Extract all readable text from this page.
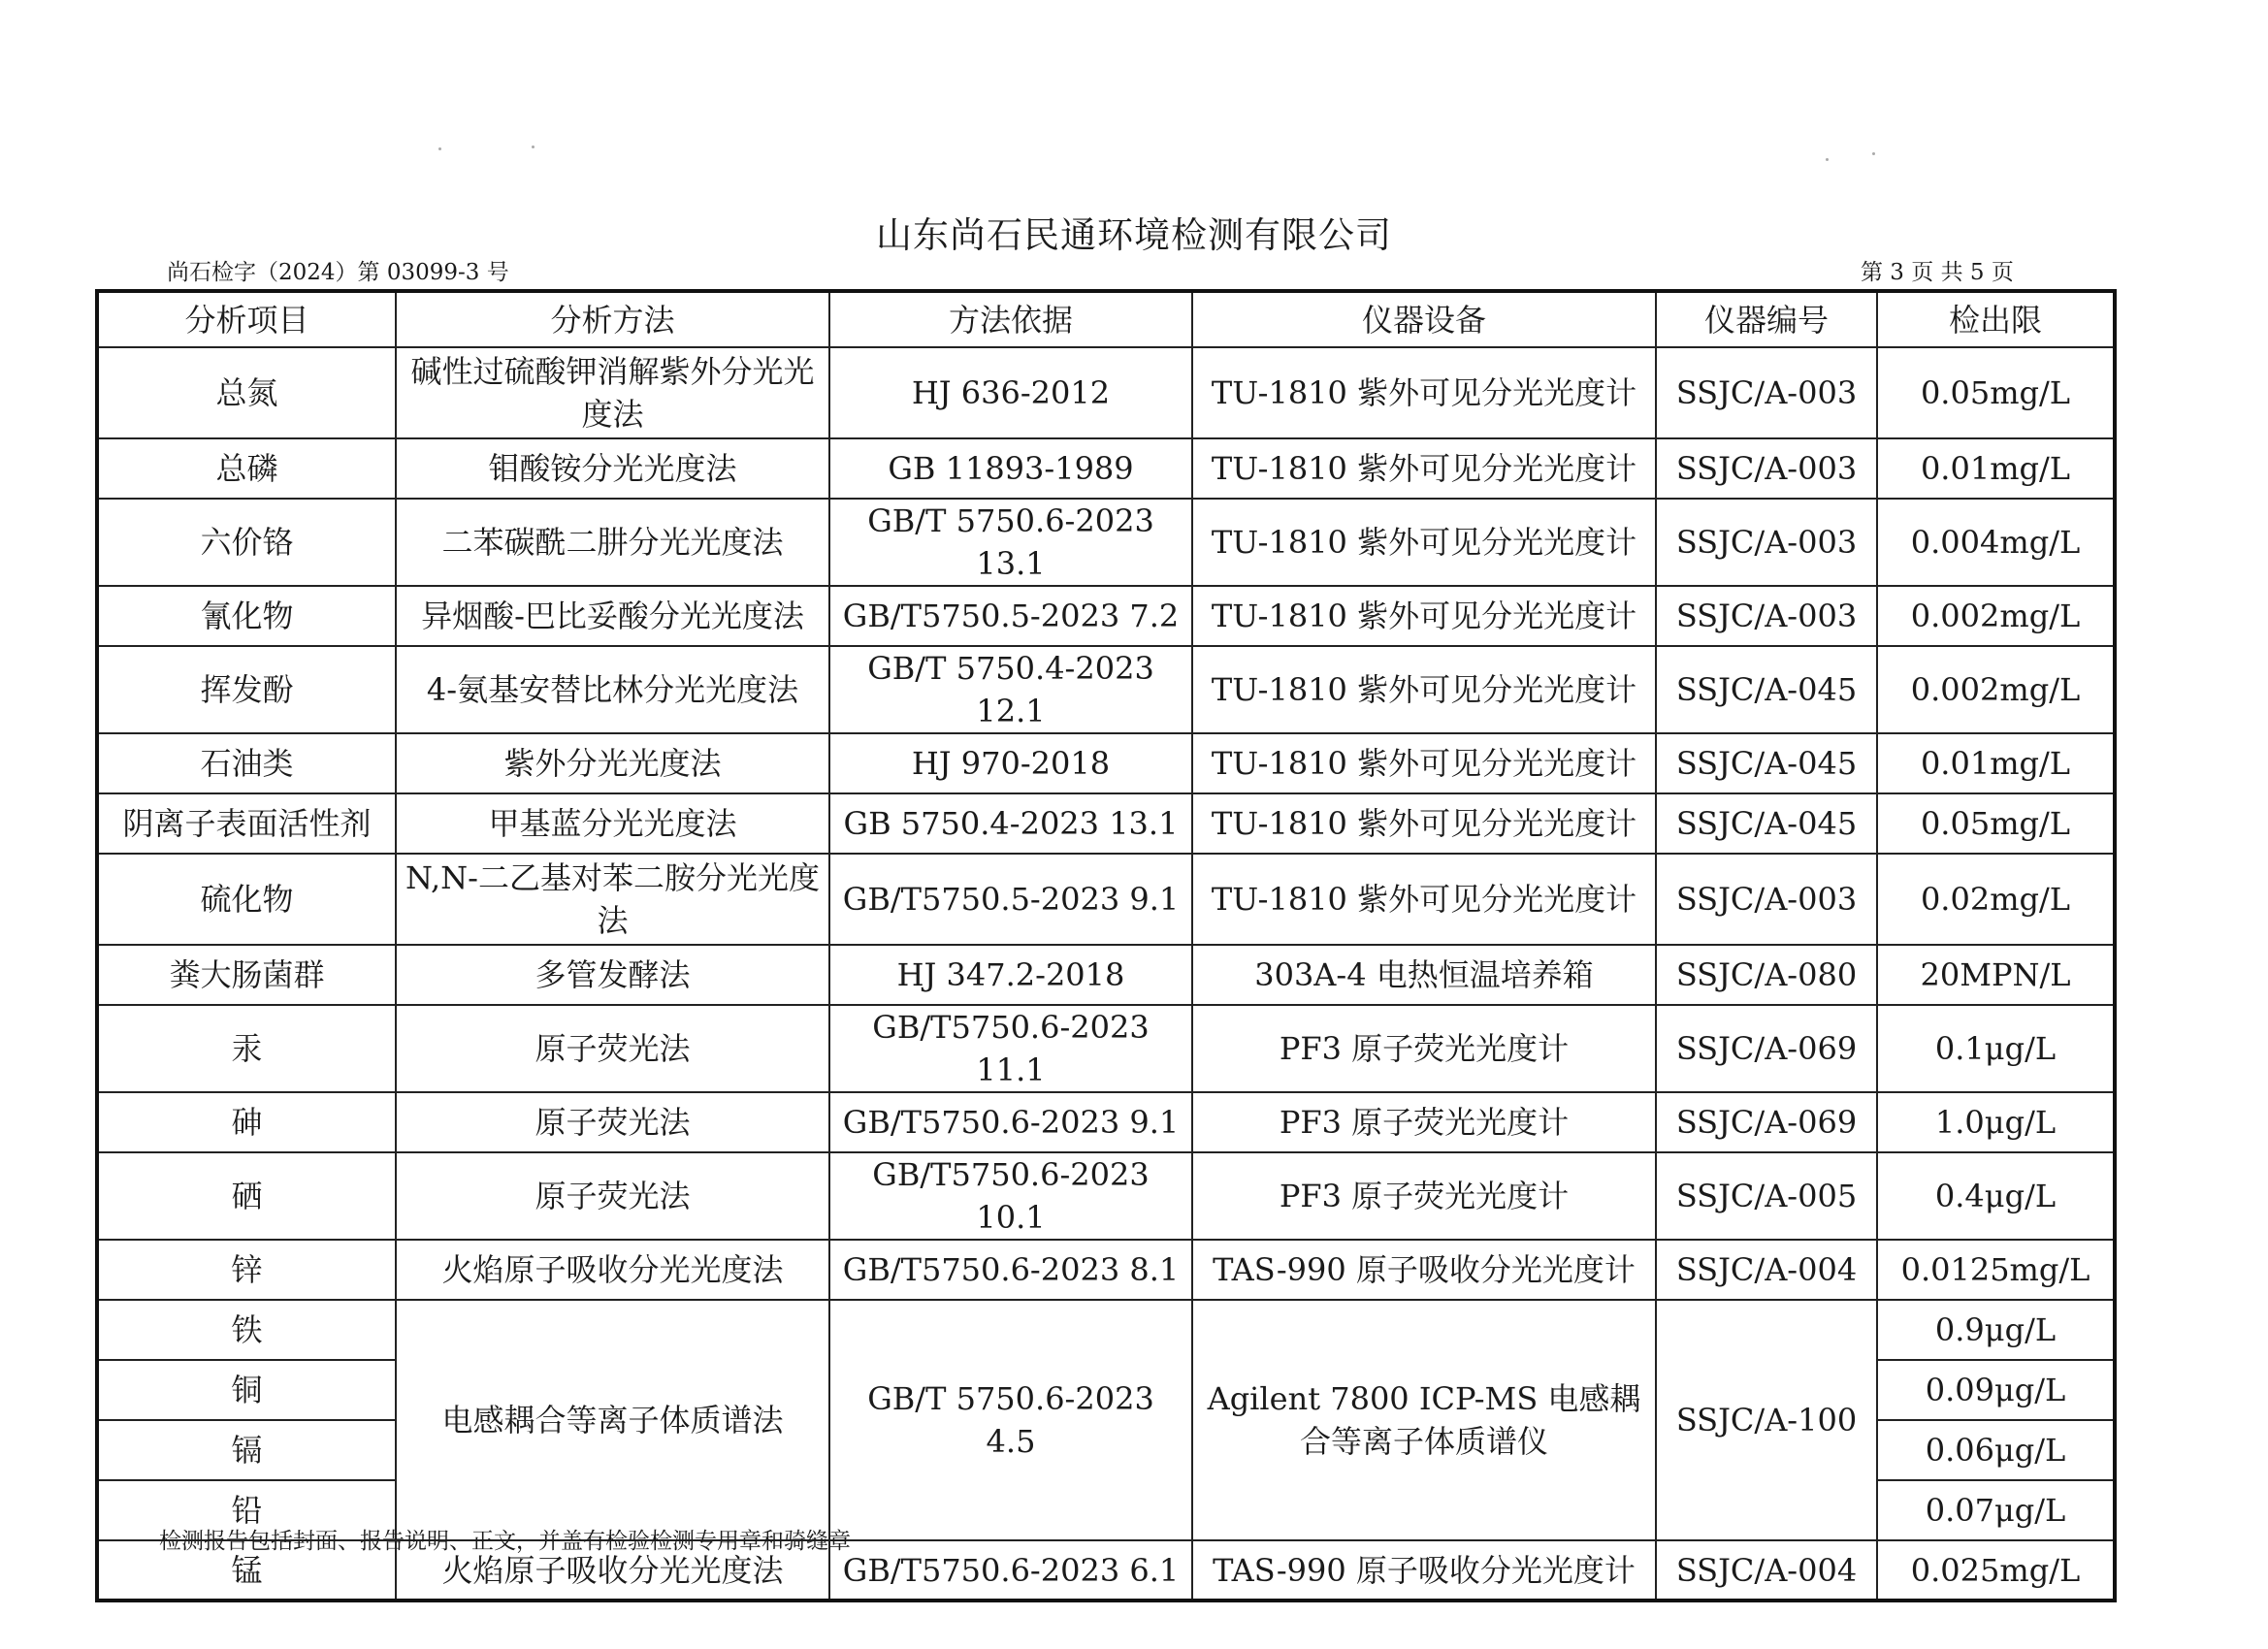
山东尚石民通环境检测有限公司
尚石检字（2024）第 03099-3 号	第 3 页 共 5 页
分析项目	分析方法	方法依据	仪器设备	仪器编号	检出限
总氮	碱性过硫酸钾消解紫外分光光度法	HJ 636-2012	TU-1810 紫外可见分光光度计	SSJC/A-003	0.05mg/L
总磷	钼酸铵分光光度法	GB 11893-1989	TU-1810 紫外可见分光光度计	SSJC/A-003	0.01mg/L
六价铬	二苯碳酰二肼分光光度法	GB/T 5750.6-2023 13.1	TU-1810 紫外可见分光光度计	SSJC/A-003	0.004mg/L
氰化物	异烟酸-巴比妥酸分光光度法	GB/T5750.5-2023 7.2	TU-1810 紫外可见分光光度计	SSJC/A-003	0.002mg/L
挥发酚	4-氨基安替比林分光光度法	GB/T 5750.4-2023 12.1	TU-1810 紫外可见分光光度计	SSJC/A-045	0.002mg/L
石油类	紫外分光光度法	HJ 970-2018	TU-1810 紫外可见分光光度计	SSJC/A-045	0.01mg/L
阴离子表面活性剂	甲基蓝分光光度法	GB 5750.4-2023 13.1	TU-1810 紫外可见分光光度计	SSJC/A-045	0.05mg/L
硫化物	N,N-二乙基对苯二胺分光光度法	GB/T5750.5-2023 9.1	TU-1810 紫外可见分光光度计	SSJC/A-003	0.02mg/L
粪大肠菌群	多管发酵法	HJ 347.2-2018	303A-4 电热恒温培养箱	SSJC/A-080	20MPN/L
汞	原子荧光法	GB/T5750.6-2023 11.1	PF3 原子荧光光度计	SSJC/A-069	0.1μg/L
砷	原子荧光法	GB/T5750.6-2023 9.1	PF3 原子荧光光度计	SSJC/A-069	1.0μg/L
硒	原子荧光法	GB/T5750.6-2023 10.1	PF3 原子荧光光度计	SSJC/A-005	0.4μg/L
锌	火焰原子吸收分光光度法	GB/T5750.6-2023 8.1	TAS-990 原子吸收分光光度计	SSJC/A-004	0.0125mg/L
铁	电感耦合等离子体质谱法	GB/T 5750.6-2023 4.5	Agilent 7800 ICP-MS 电感耦合等离子体质谱仪	SSJC/A-100	0.9μg/L
铜					0.09μg/L
镉					0.06μg/L
铅					0.07μg/L
锰	火焰原子吸收分光光度法	GB/T5750.6-2023 6.1	TAS-990 原子吸收分光光度计	SSJC/A-004	0.025mg/L
检测报告包括封面、报告说明、正文，并盖有检验检测专用章和骑缝章
